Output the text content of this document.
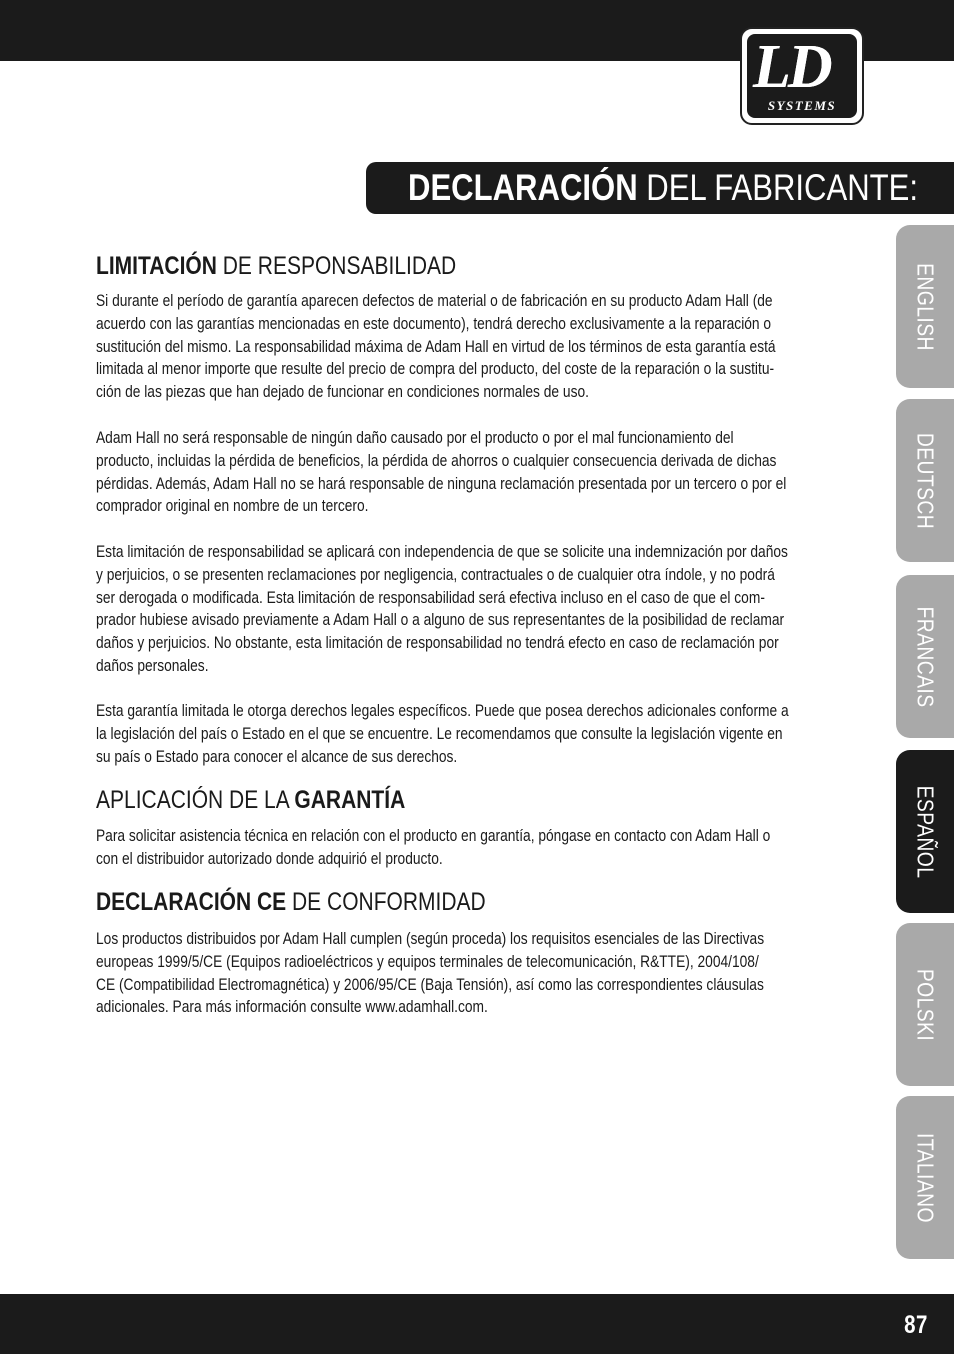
LD
SYSTEMS
DECLARACIÓN DEL FABRICANTE:
LIMITACIÓN DE RESPONSABILIDAD
Si durante el período de garantía aparecen defectos de material o de fabricación en su producto Adam Hall (de
acuerdo con las garantías mencionadas en este documento), tendrá derecho exclusivamente a la reparación o
sustitución del mismo. La responsabilidad máxima de Adam Hall en virtud de los términos de esta garantía está
limitada al menor importe que resulte del precio de compra del producto, del coste de la reparación o la sustitu-
ción de las piezas que han dejado de funcionar en condiciones normales de uso.
Adam Hall no será responsable de ningún daño causado por el producto o por el mal funcionamiento del
producto, incluidas la pérdida de beneficios, la pérdida de ahorros o cualquier consecuencia derivada de dichas
pérdidas. Además, Adam Hall no se hará responsable de ninguna reclamación presentada por un tercero o por el
comprador original en nombre de un tercero.
Esta limitación de responsabilidad se aplicará con independencia de que se solicite una indemnización por daños
y perjuicios, o se presenten reclamaciones por negligencia, contractuales o de cualquier otra índole, y no podrá
ser derogada o modificada. Esta limitación de responsabilidad será efectiva incluso en el caso de que el com-
prador hubiese avisado previamente a Adam Hall o a alguno de sus representantes de la posibilidad de reclamar
daños y perjuicios. No obstante, esta limitación de responsabilidad no tendrá efecto en caso de reclamación por
daños personales.
Esta garantía limitada le otorga derechos legales específicos. Puede que posea derechos adicionales conforme a
la legislación del país o Estado en el que se encuentre. Le recomendamos que consulte la legislación vigente en
su país o Estado para conocer el alcance de sus derechos.
APLICACIÓN DE LA GARANTÍA
Para solicitar asistencia técnica en relación con el producto en garantía, póngase en contacto con Adam Hall o
con el distribuidor autorizado donde adquirió el producto.
DECLARACIÓN CE DE CONFORMIDAD
Los productos distribuidos por Adam Hall cumplen (según proceda) los requisitos esenciales de las Directivas
europeas 1999/5/CE (Equipos radioeléctricos y equipos terminales de telecomunicación, R&TTE), 2004/108/
CE (Compatibilidad Electromagnética) y 2006/95/CE (Baja Tensión), así como las correspondientes cláusulas
adicionales. Para más información consulte www.adamhall.com.
ENGLISH
DEUTSCH
FRANCAIS
ESPAÑOL
POLSKI
ITALIANO
87
